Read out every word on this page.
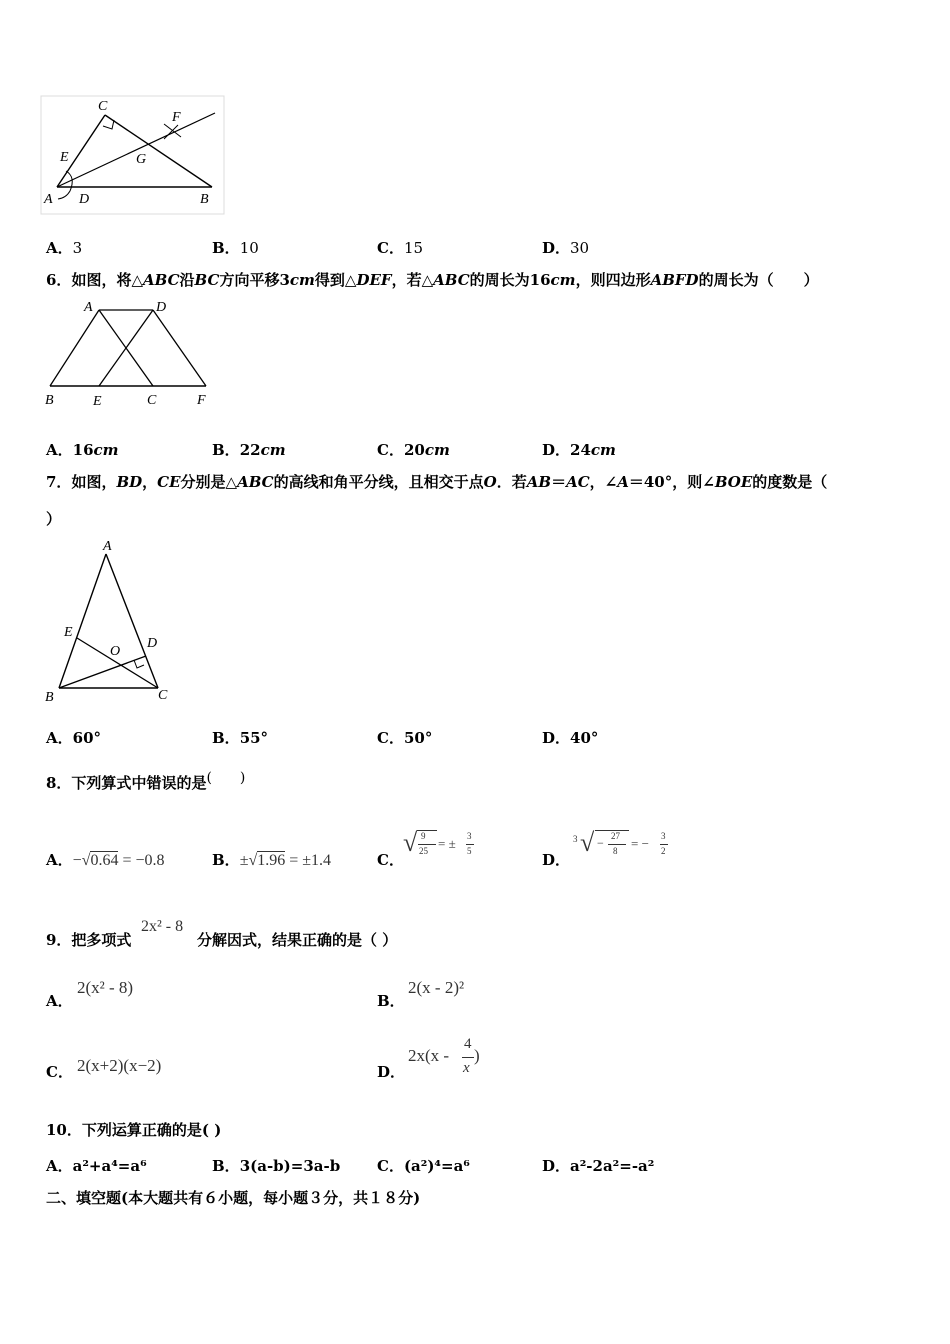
C
F
E	G
A D	B
A．3	B．10	C．15	D．30
6．如图，将△ABC沿BC方向平移3cm得到△DEF，若△ABC的周长为16cm，则四边形ABFD的周长为（　　）
A	D
B	E	C	F
A．16cm	B．22cm	C．20cm	D．24cm
7．如图，BD，CE分别是△ABC的高线和角平分线，且相交于点O．若AB＝AC，∠A＝40°，则∠BOE的度数是（
）
A
E
O
D
B	C
A．60°	B．55°	C．50°	D．40°
8．下列算式中错误的是(　　)
A．−√0.64 = −0.8	B．±√1.96 = ±1.4	C．
√ 9
25 = ± 3
5	D．
3 √ − 27
8 = − 3
2
9．把多项式
2x² - 8
分解因式，结果正确的是（ ）
A．
2(x² - 8)
B．
2(x - 2)²
C． 2(x+2)(x−2)	D．
2x(x -
4
x
)
10．下列运算正确的是( )
A．a²+a⁴=a⁶	B．3(a-b)=3a-b C．(a²)⁴=a⁶	D．a²-2a²=-a²
二、填空题(本大题共有６小题，每小题３分，共１８分)
